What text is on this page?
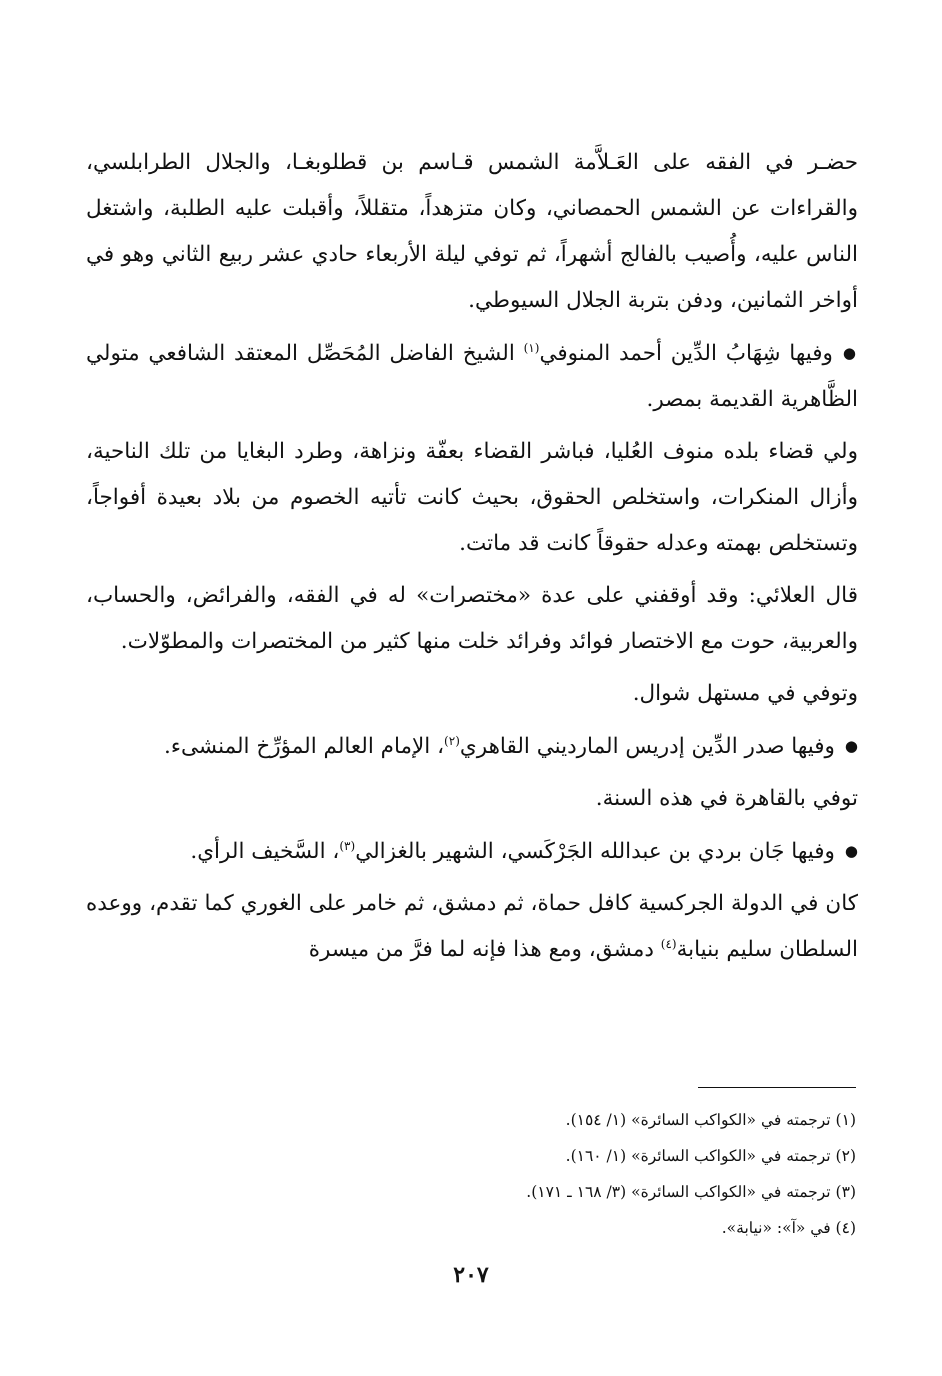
حضـر في الفقه على العَـلاَّمة الشمس قـاسم بن قطلوبغـا، والجلال الطرابلسي، والقراءات عن الشمس الحمصاني، وكان متزهداً، متقللاً، وأقبلت عليه الطلبة، واشتغل الناس عليه، وأُصيب بالفالج أشهراً، ثم توفي ليلة الأربعاء حادي عشر ربيع الثاني وهو في أواخر الثمانين، ودفن بتربة الجلال السيوطي.

● وفيها شِهَابُ الدِّين أحمد المنوفي$^{(١)}$ الشيخ الفاضل المُحَصِّل المعتقد الشافعي متولي الظَّاهرية القديمة بمصر.

ولي قضاء بلده منوف العُليا، فباشر القضاء بعفّة ونزاهة، وطرد البغايا من تلك الناحية، وأزال المنكرات، واستخلص الحقوق، بحيث كانت تأتيه الخصوم من بلاد بعيدة أفواجاً، وتستخلص بهمته وعدله حقوقاً كانت قد ماتت.

قال العلائي: وقد أوقفني على عدة «مختصرات» له في الفقه، والفرائض، والحساب، والعربية، حوت مع الاختصار فوائد وفرائد خلت منها كثير من المختصرات والمطوّلات.

وتوفي في مستهل شوال.

● وفيها صدر الدِّين إدريس المارديني القاهري$^{(٢)}$، الإمام العالم المؤرِّخ المنشىء.

توفي بالقاهرة في هذه السنة.

● وفيها جَان بردي بن عبدالله الجَرْكَسي، الشهير بالغزالي$^{(٣)}$، السَّخيف الرأي.

كان في الدولة الجركسية كافل حماة، ثم دمشق، ثم خامر على الغوري كما تقدم، ووعده السلطان سليم بنيابة$^{(٤)}$ دمشق، ومع هذا فإنه لما فرَّ من ميسرة

(١) ترجمته في «الكواكب السائرة» (١/ ١٥٤).

(٢) ترجمته في «الكواكب السائرة» (١/ ١٦٠).

(٣) ترجمته في «الكواكب السائرة» (٣/ ١٦٨ ـ ١٧١).

(٤) في «آ»: «نيابة».

٢٠٧
